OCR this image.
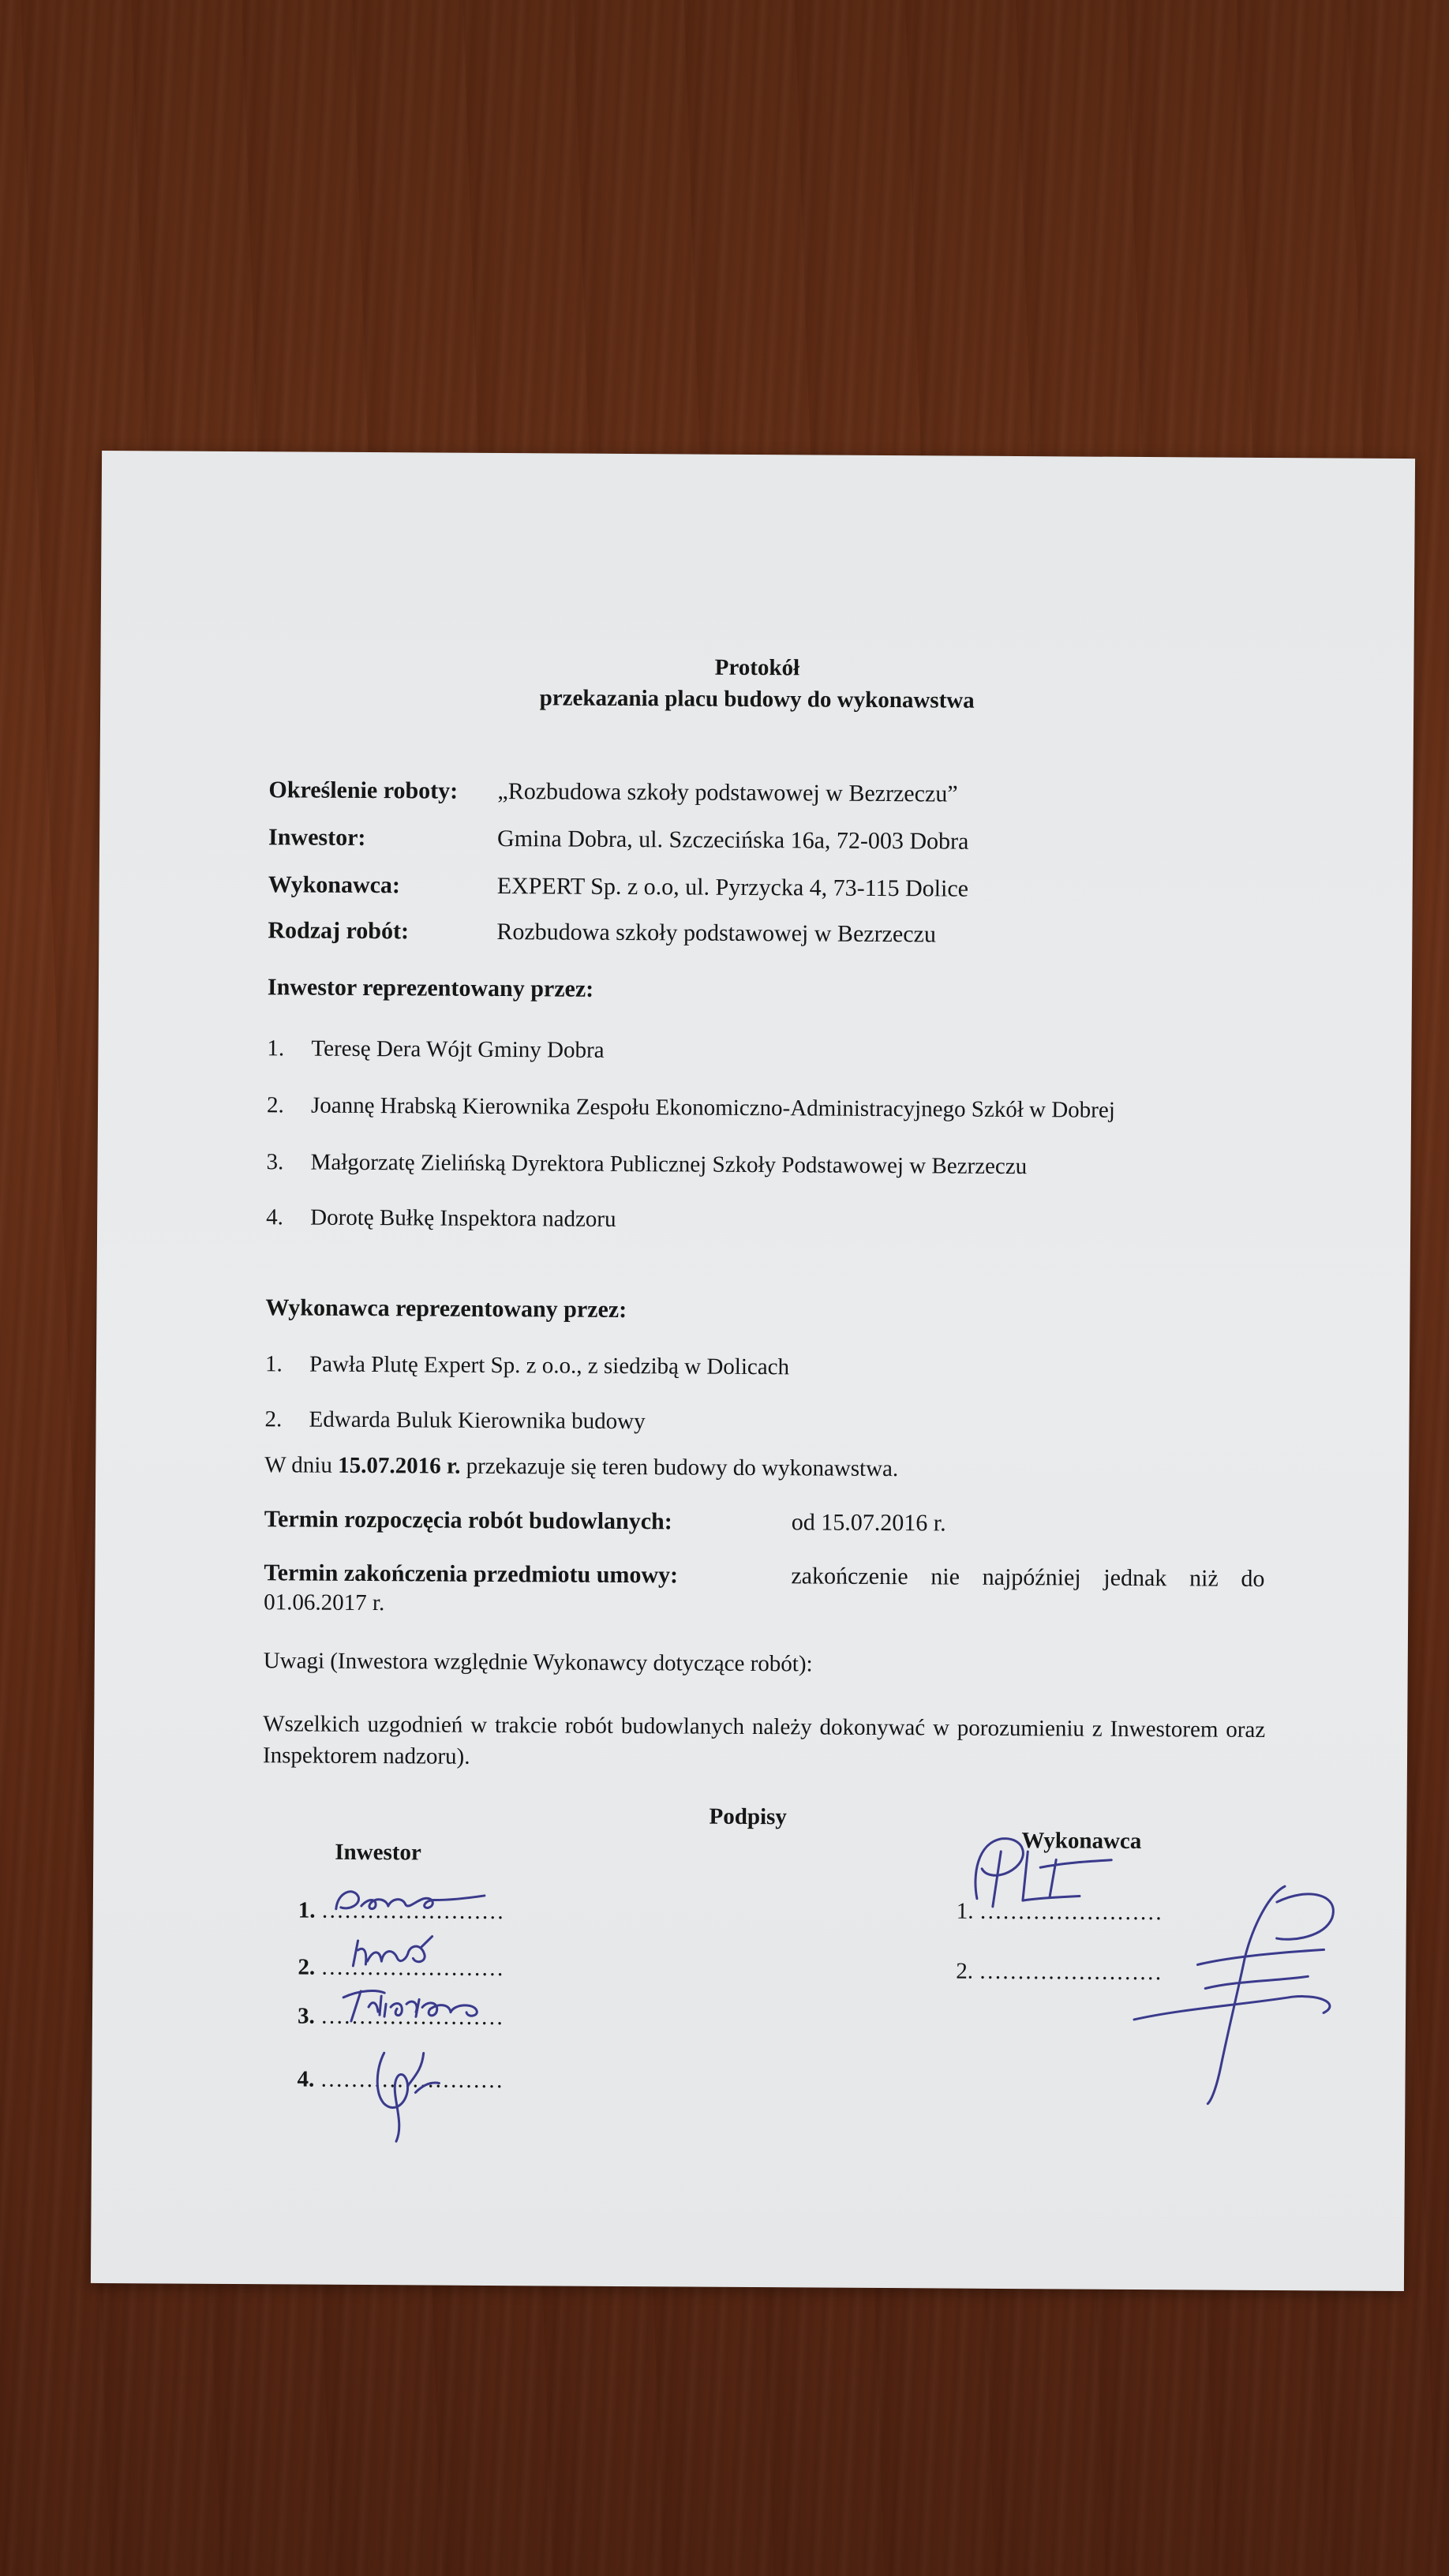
Protokół
przekazania placu budowy do wykonawstwa
Określenie roboty: „Rozbudowa szkoły podstawowej w Bezrzeczu”
Inwestor:	Gmina Dobra, ul. Szczecińska 16a, 72-003 Dobra
Wykonawca:	EXPERT Sp. z o.o, ul. Pyrzycka 4, 73-115 Dolice
Rodzaj robót:	Rozbudowa szkoły podstawowej w Bezrzeczu
Inwestor reprezentowany przez:
1. Teresę Dera Wójt Gminy Dobra
2. Joannę Hrabską Kierownika Zespołu Ekonomiczno-Administracyjnego Szkół w Dobrej
3. Małgorzatę Zielińską Dyrektora Publicznej Szkoły Podstawowej w Bezrzeczu
4. Dorotę Bułkę Inspektora nadzoru
Wykonawca reprezentowany przez:
1. Pawła Plutę Expert Sp. z o.o., z siedzibą w Dolicach
2. Edwarda Buluk Kierownika budowy
W dniu 15.07.2016 r. przekazuje się teren budowy do wykonawstwa.
Termin rozpoczęcia robót budowlanych:	od 15.07.2016 r.
Termin zakończenia przedmiotu umowy:	zakończenie nie najpóźniej jednak niż do
01.06.2017 r.
Uwagi (Inwestora względnie Wykonawcy dotyczące robót):
Wszelkich uzgodnień w trakcie robót budowlanych należy dokonywać w porozumieniu z Inwestorem oraz Inspektorem nadzoru).
Podpisy
Inwestor	Wykonawca
1. ……………………
2. ……………………
3. ……………………
4. ……………………
1. ……………………
2. ……………………
